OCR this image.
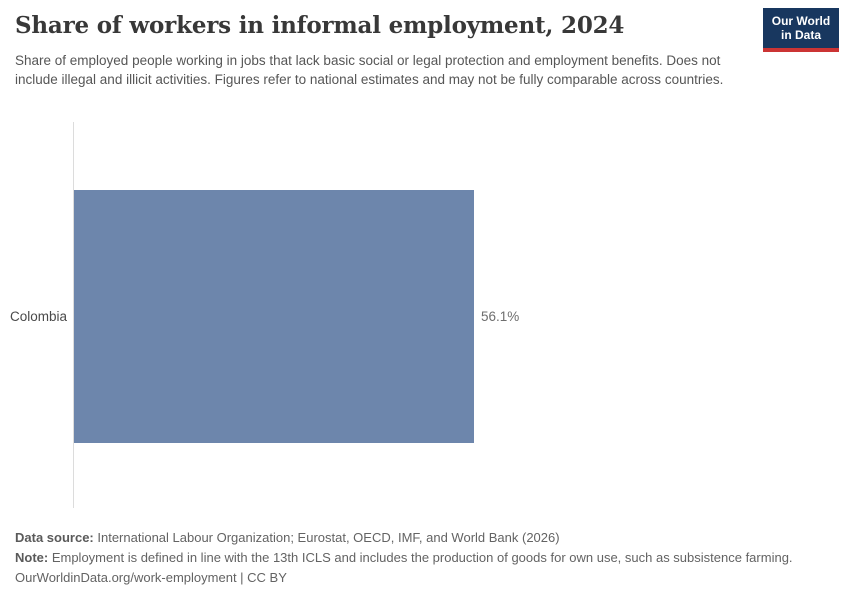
Share of workers in informal employment, 2024

Share of employed people working in jobs that lack basic social or legal protection and employment benefits. Does not include illegal and illicit activities. Figures refer to national estimates and may not be fully comparable across countries.

Our World
in Data
Colombia	56.1%
Data source: International Labour Organization; Eurostat, OECD, IMF, and World Bank (2026)
Note: Employment is defined in line with the 13th ICLS and includes the production of goods for own use, such as subsistence farming.
OurWorldinData.org/work-employment | CC BY
